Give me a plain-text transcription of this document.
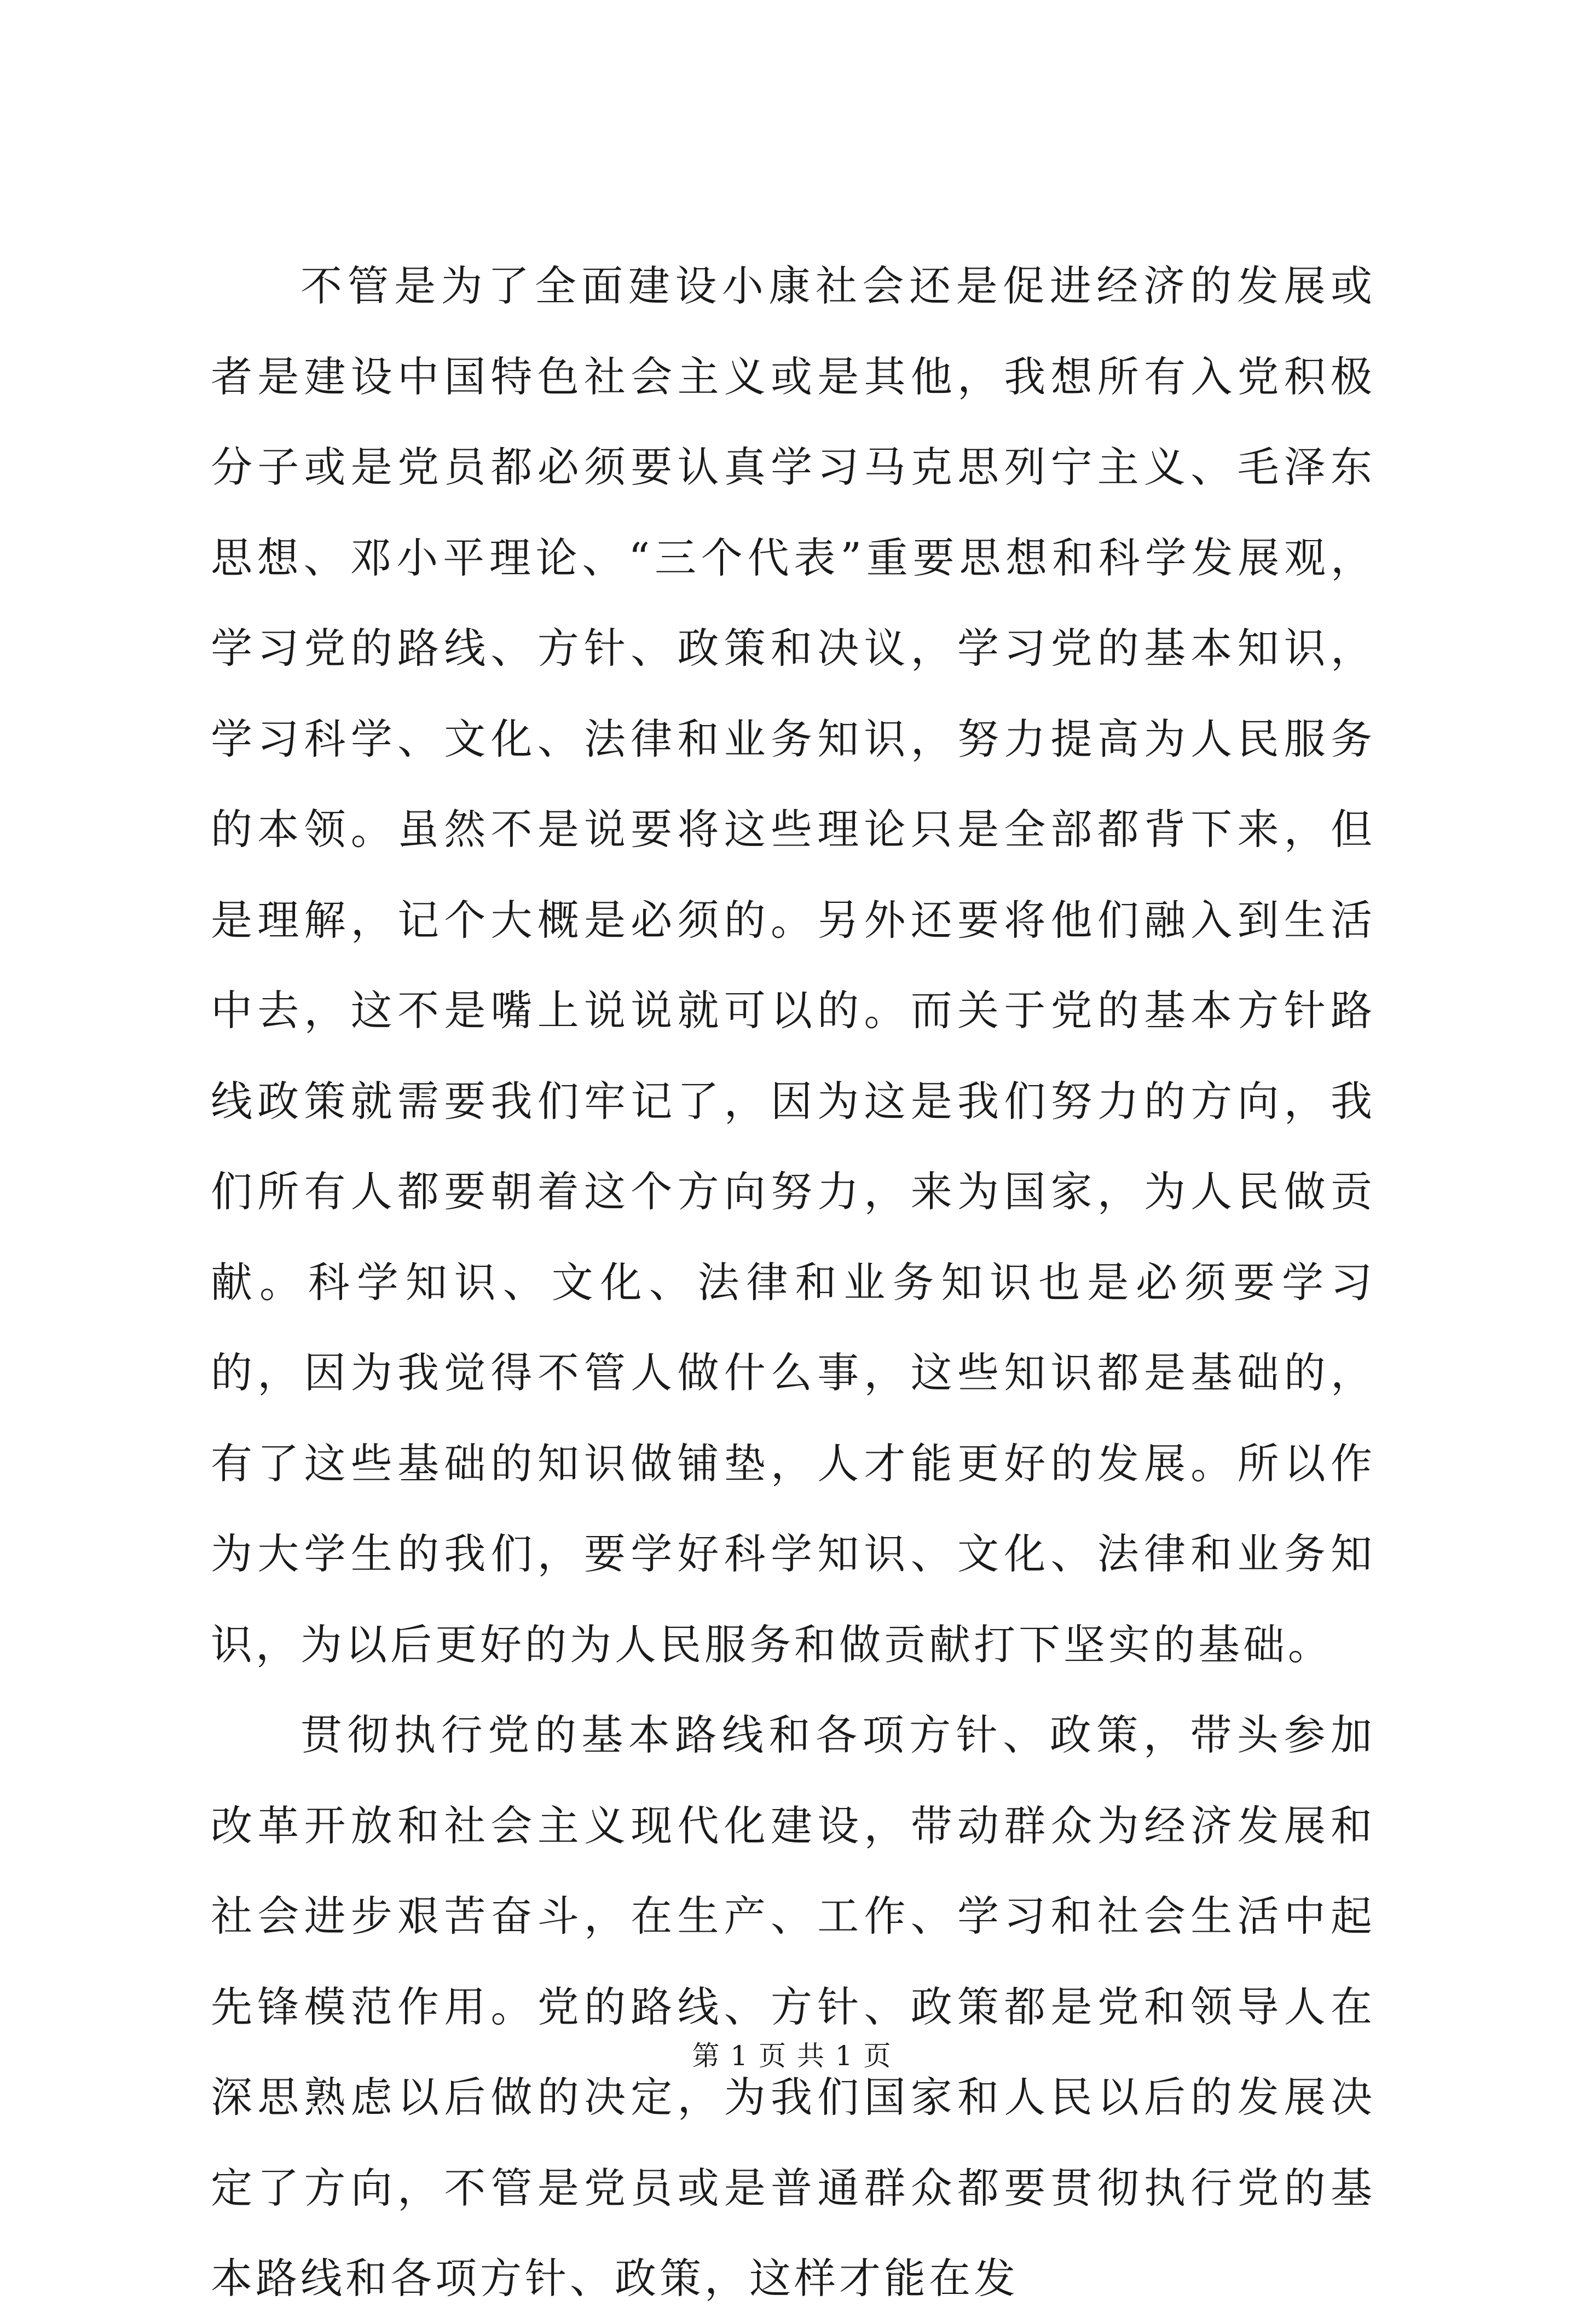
不管是为了全面建设小康社会还是促进经济的发展或者是建设中国特色社会主义或是其他，我想所有入党积极分子或是党员都必须要认真学习马克思列宁主义、毛泽东思想、邓小平理论、“三个代表”重要思想和科学发展观，学习党的路线、方针、政策和决议，学习党的基本知识，学习科学、文化、法律和业务知识，努力提高为人民服务的本领。虽然不是说要将这些理论只是全部都背下来，但是理解，记个大概是必须的。另外还要将他们融入到生活中去，这不是嘴上说说就可以的。而关于党的基本方针路线政策就需要我们牢记了，因为这是我们努力的方向，我们所有人都要朝着这个方向努力，来为国家，为人民做贡献。科学知识、文化、法律和业务知识也是必须要学习的，因为我觉得不管人做什么事，这些知识都是基础的，有了这些基础的知识做铺垫，人才能更好的发展。所以作为大学生的我们，要学好科学知识、文化、法律和业务知识，为以后更好的为人民服务和做贡献打下坚实的基础。

贯彻执行党的基本路线和各项方针、政策，带头参加改革开放和社会主义现代化建设，带动群众为经济发展和社会进步艰苦奋斗，在生产、工作、学习和社会生活中起先锋模范作用。党的路线、方针、政策都是党和领导人在深思熟虑以后做的决定，为我们国家和人民以后的发展决定了方向，不管是党员或是普通群众都要贯彻执行党的基本路线和各项方针、政策，这样才能在发

第 1 页 共 1 页
